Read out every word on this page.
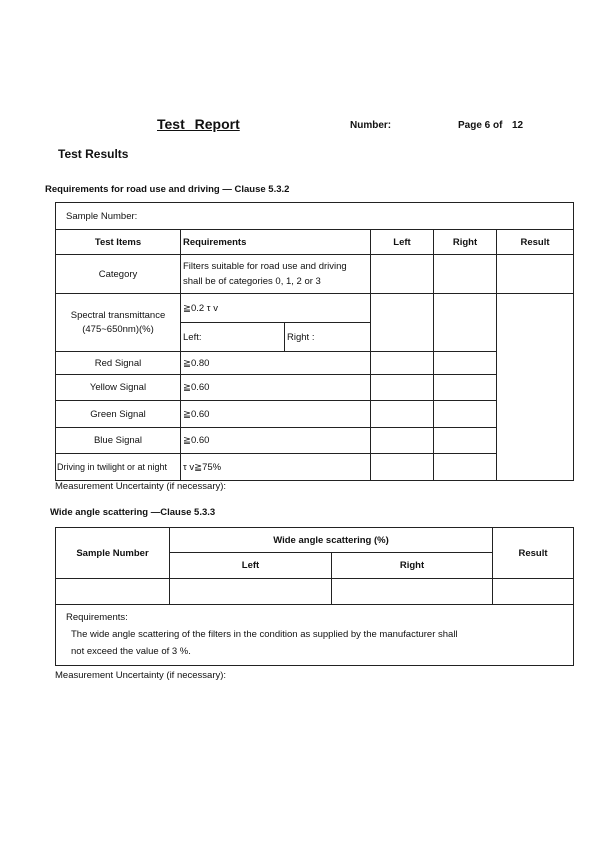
Test Report	Number:	Page 6 of 12
Test Results
Requirements for road use and driving — Clause 5.3.2
Sample Number:					
Test Items	Requirements		Left	Right	Result
Category	Filters suitable for road use and driving
shall be of categories 0, 1, 2 or 3				

Spectral transmittance
(475~650nm)(%)	≧0.2 τ v				
	Left:	Right :			
Red Signal	≧0.80				
Yellow Signal	≧0.60				
Green Signal	≧0.60				
Blue Signal	≧0.60				
Driving in twilight or at night	τ v≧75%				
Measurement Uncertainty (if necessary):
Wide angle scattering —Clause 5.3.3
Sample Number	Wide angle scattering (%)		Result
	Left	Right	

Requirements:
The wide angle scattering of the filters in the condition as supplied by the manufacturer shall
not exceed the value of 3 %.			
Measurement Uncertainty (if necessary):
